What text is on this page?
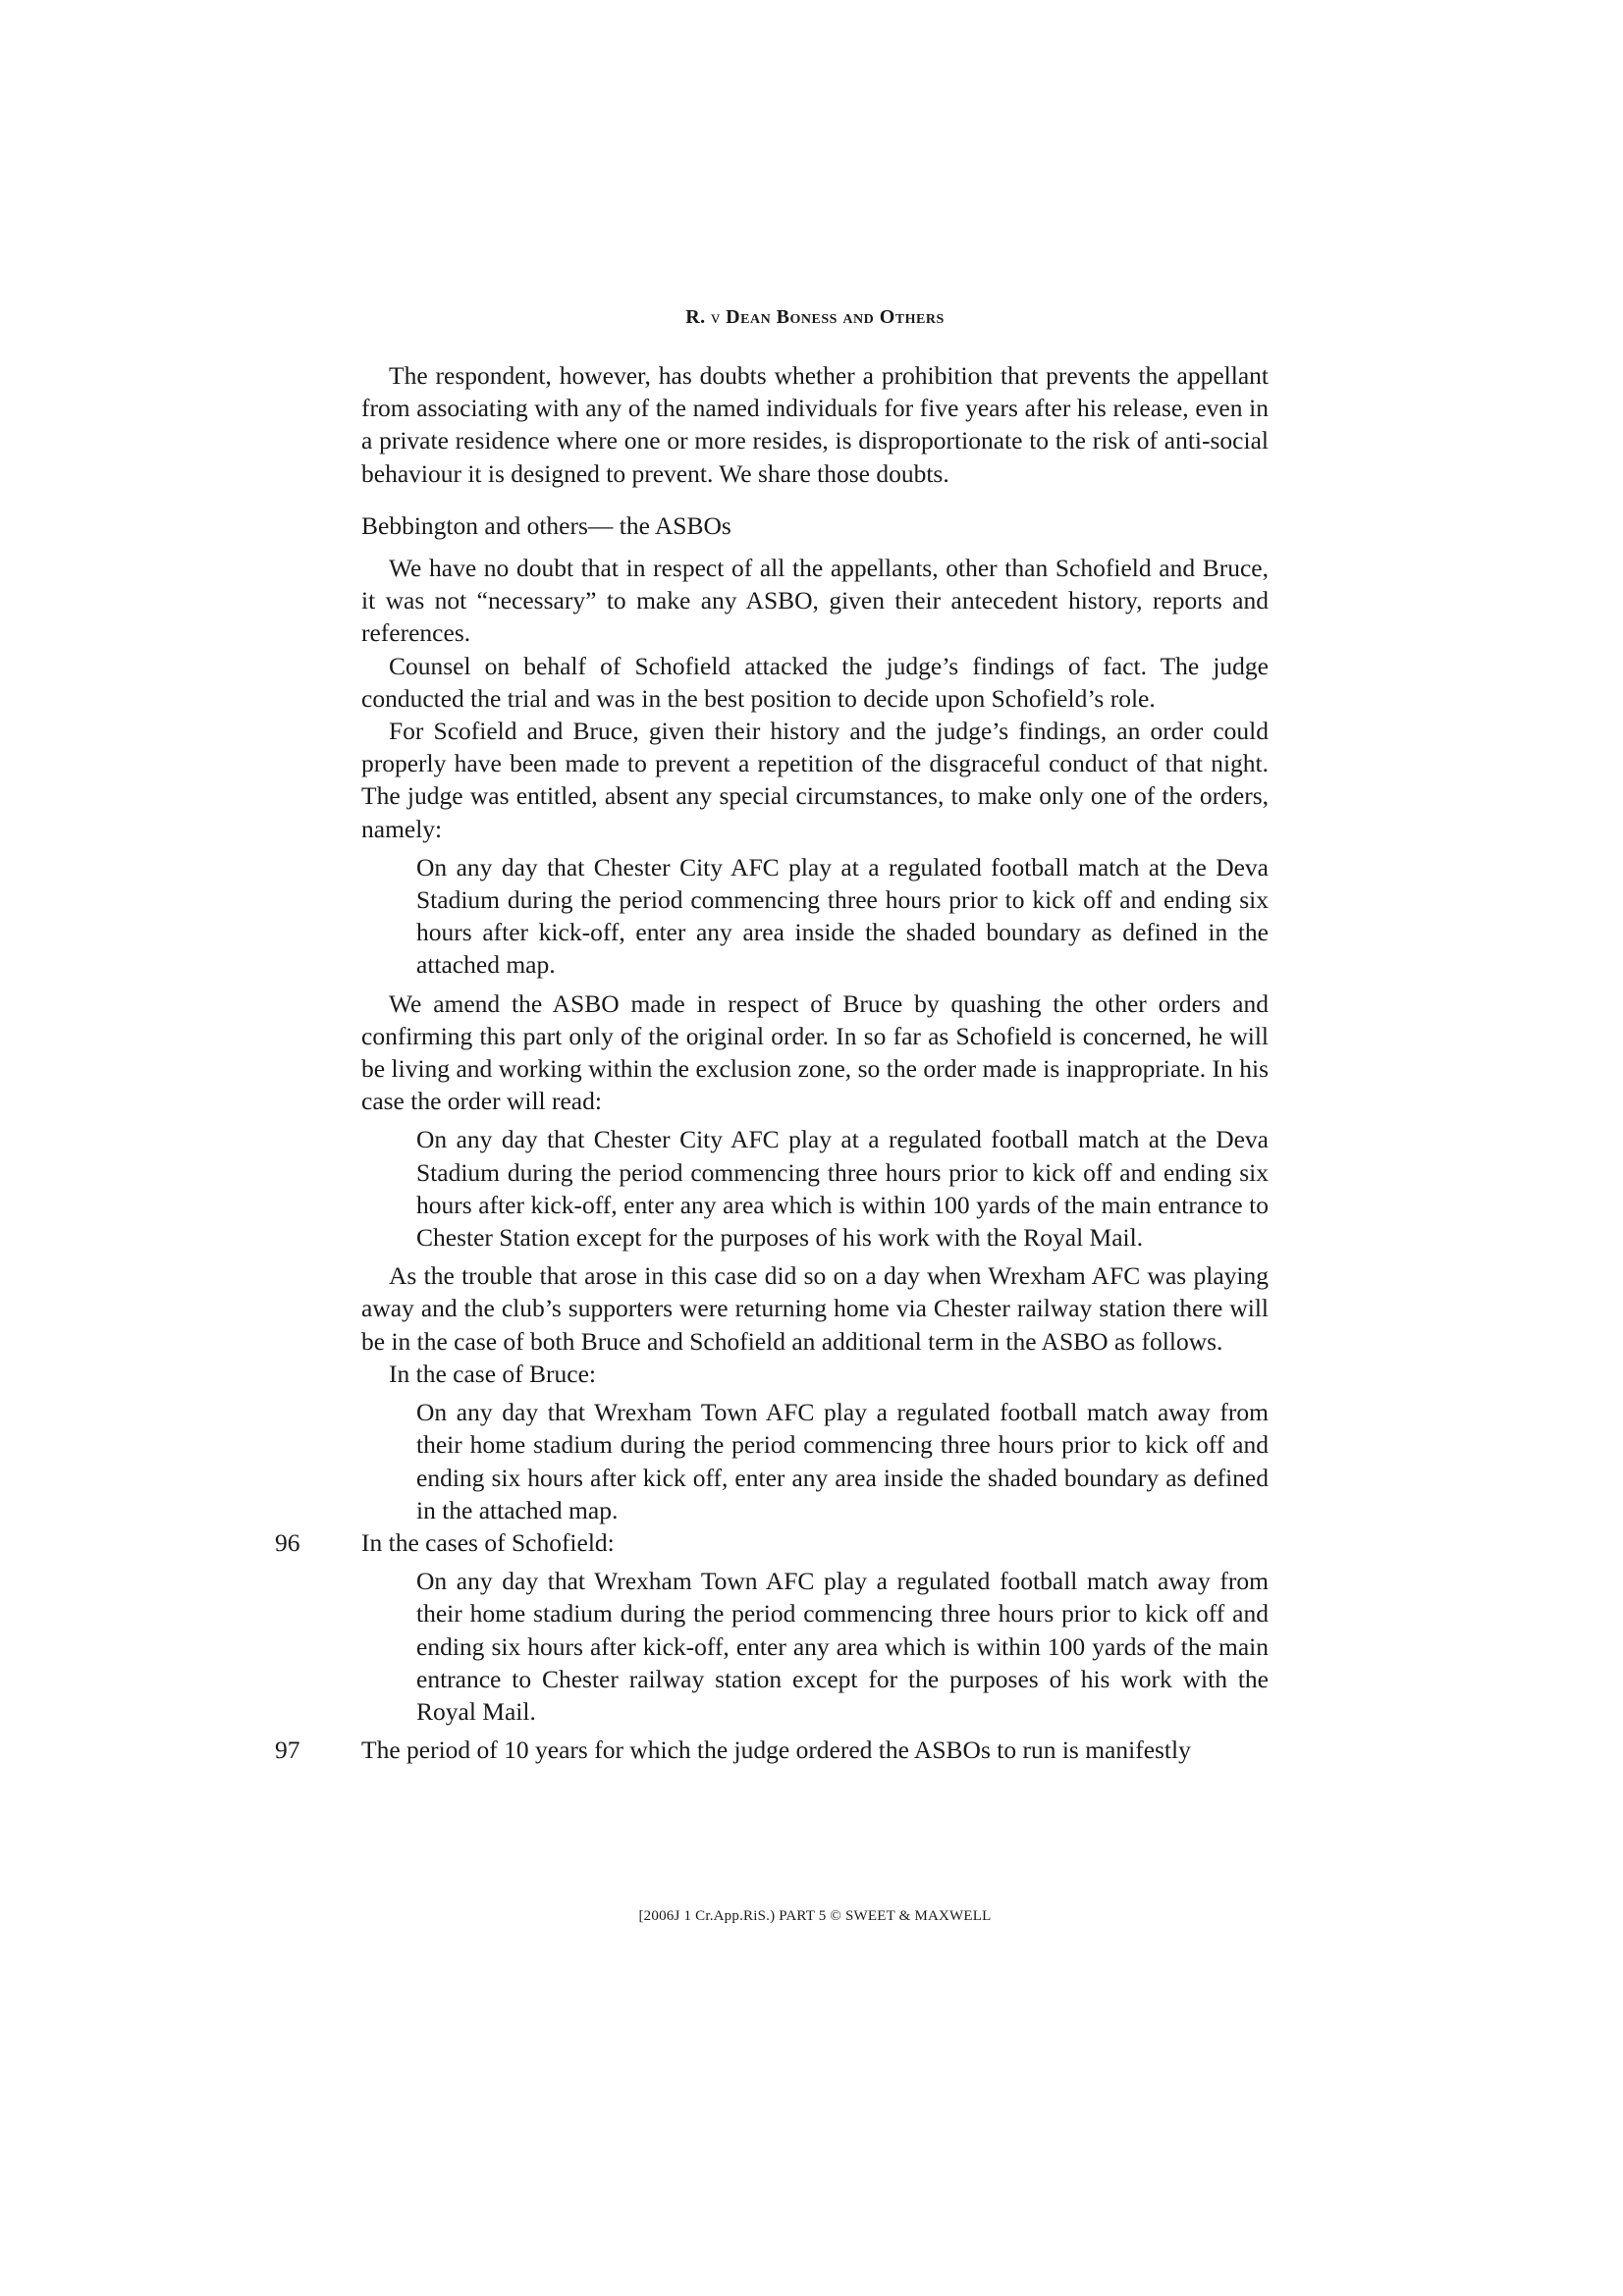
R. v Dean Boness and Others

The respondent, however, has doubts whether a prohibition that prevents the appellant from associating with any of the named individuals for five years after his release, even in a private residence where one or more resides, is disproportionate to the risk of anti-social behaviour it is designed to prevent. We share those doubts.

Bebbington and others— the ASBOs

We have no doubt that in respect of all the appellants, other than Schofield and Bruce, it was not “necessary” to make any ASBO, given their antecedent history, reports and references.

Counsel on behalf of Schofield attacked the judge’s findings of fact. The judge conducted the trial and was in the best position to decide upon Schofield’s role.

For Scofield and Bruce, given their history and the judge’s findings, an order could properly have been made to prevent a repetition of the disgraceful conduct of that night. The judge was entitled, absent any special circumstances, to make only one of the orders, namely:

On any day that Chester City AFC play at a regulated football match at the Deva Stadium during the period commencing three hours prior to kick off and ending six hours after kick-off, enter any area inside the shaded boundary as defined in the attached map.

We amend the ASBO made in respect of Bruce by quashing the other orders and confirming this part only of the original order. In so far as Schofield is concerned, he will be living and working within the exclusion zone, so the order made is inappropriate. In his case the order will read:

On any day that Chester City AFC play at a regulated football match at the Deva Stadium during the period commencing three hours prior to kick off and ending six hours after kick-off, enter any area which is within 100 yards of the main entrance to Chester Station except for the purposes of his work with the Royal Mail.

As the trouble that arose in this case did so on a day when Wrexham AFC was playing away and the club’s supporters were returning home via Chester railway station there will be in the case of both Bruce and Schofield an additional term in the ASBO as follows.

In the case of Bruce:

On any day that Wrexham Town AFC play a regulated football match away from their home stadium during the period commencing three hours prior to kick off and ending six hours after kick off, enter any area inside the shaded boundary as defined in the attached map.

96 In the cases of Schofield:

On any day that Wrexham Town AFC play a regulated football match away from their home stadium during the period commencing three hours prior to kick off and ending six hours after kick-off, enter any area which is within 100 yards of the main entrance to Chester railway station except for the purposes of his work with the Royal Mail.

97 The period of 10 years for which the judge ordered the ASBOs to run is manifestly

[2006J 1 Cr.App.RiS.) PART 5 © SWEET & MAXWELL
